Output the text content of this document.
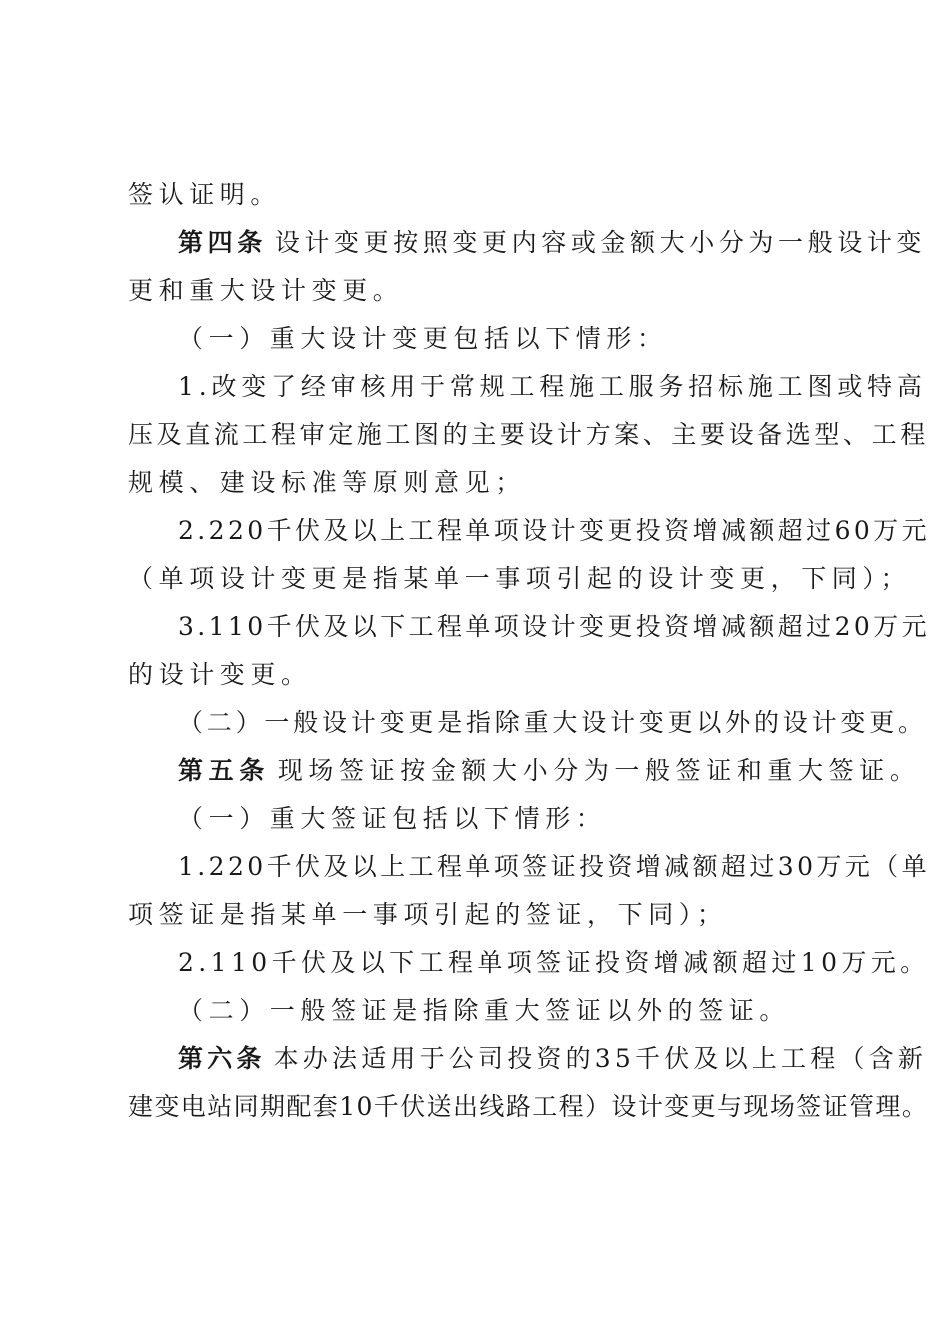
签认证明。
第四条 设计变更按照变更内容或金额大小分为一般设计变
更和重大设计变更。
（一）重大设计变更包括以下情形：
1.改变了经审核用于常规工程施工服务招标施工图或特高
压及直流工程审定施工图的主要设计方案、主要设备选型、工程
规模、建设标准等原则意见；
2.220千伏及以上工程单项设计变更投资增减额超过60万元
（单项设计变更是指某单一事项引起的设计变更，下同）；
3.110千伏及以下工程单项设计变更投资增减额超过20万元
的设计变更。
（二）一般设计变更是指除重大设计变更以外的设计变更。
第五条 现场签证按金额大小分为一般签证和重大签证。
（一）重大签证包括以下情形：
1.220千伏及以上工程单项签证投资增减额超过30万元（单
项签证是指某单一事项引起的签证，下同）；
2.110千伏及以下工程单项签证投资增减额超过10万元。
（二）一般签证是指除重大签证以外的签证。
第六条 本办法适用于公司投资的35千伏及以上工程（含新
建变电站同期配套10千伏送出线路工程）设计变更与现场签证管理。
